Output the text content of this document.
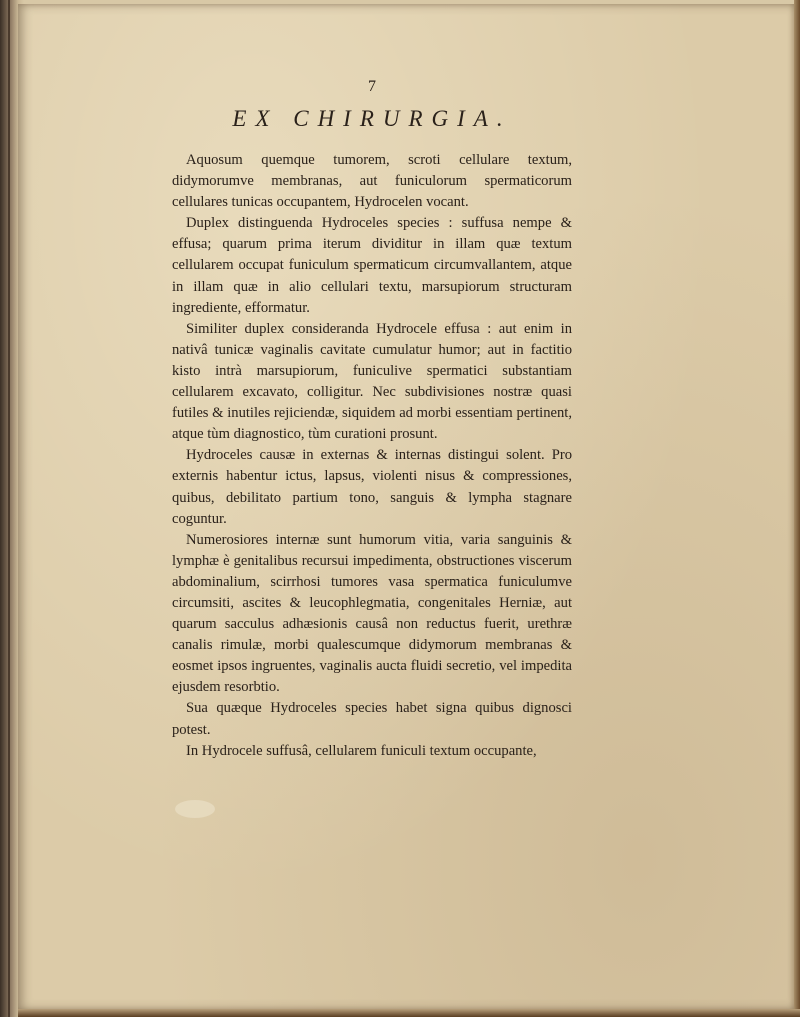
7
EX CHIRURGIA.

Aquosum quemque tumorem, scroti cellulare textum, didymorumve membranas, aut funiculorum spermaticorum cellulares tunicas occupantem, Hydrocelen vocant.

Duplex distinguenda Hydroceles species : suffusa nempe & effusa; quarum prima iterum dividitur in illam quæ textum cellularem occupat funiculum spermaticum circumvallantem, atque in illam quæ in alio cellulari textu, marsupiorum structuram ingrediente, efformatur.

Similiter duplex considerandа Hydrocele effusa : aut enim in nativâ tunicæ vaginalis cavitate cumulatur humor; aut in factitio kisto intrà marsupiorum, funiculive spermatici substantiam cellularem excavato, colligitur. Nec subdivisiones nostræ quasi futiles & inutiles rejiciendæ, siquidem ad morbi essentiam pertinent, atque tùm diagnostico, tùm curationi prosunt.

Hydroceles causæ in externas & internas distingui solent. Pro externis habentur ictus, lapsus, violenti nisus & compressiones, quibus, debilitato partium tono, sanguis & lympha stagnare coguntur.

Numerosiores internæ sunt humorum vitia, varia sanguinis & lymphæ è genitalibus recursui impedimenta, obstructiones viscerum abdominalium, scirrhosi tumores vasa spermatica funiculumve circumsiti, ascites & leucophlegmatia, congenitales Herniæ, aut quarum sacculus adhæsionis causâ non reductus fuerit, urethræ canalis rimulæ, morbi qualescumque didymorum membranas & eosmet ipsos ingruentes, vaginalis aucta fluidi secretio, vel impedita ejusdem resorbtio.

Sua quæque Hydroceles species habet signa quibus dignosci potest.

In Hydrocele suffusâ, cellularem funiculi textum occupante,
